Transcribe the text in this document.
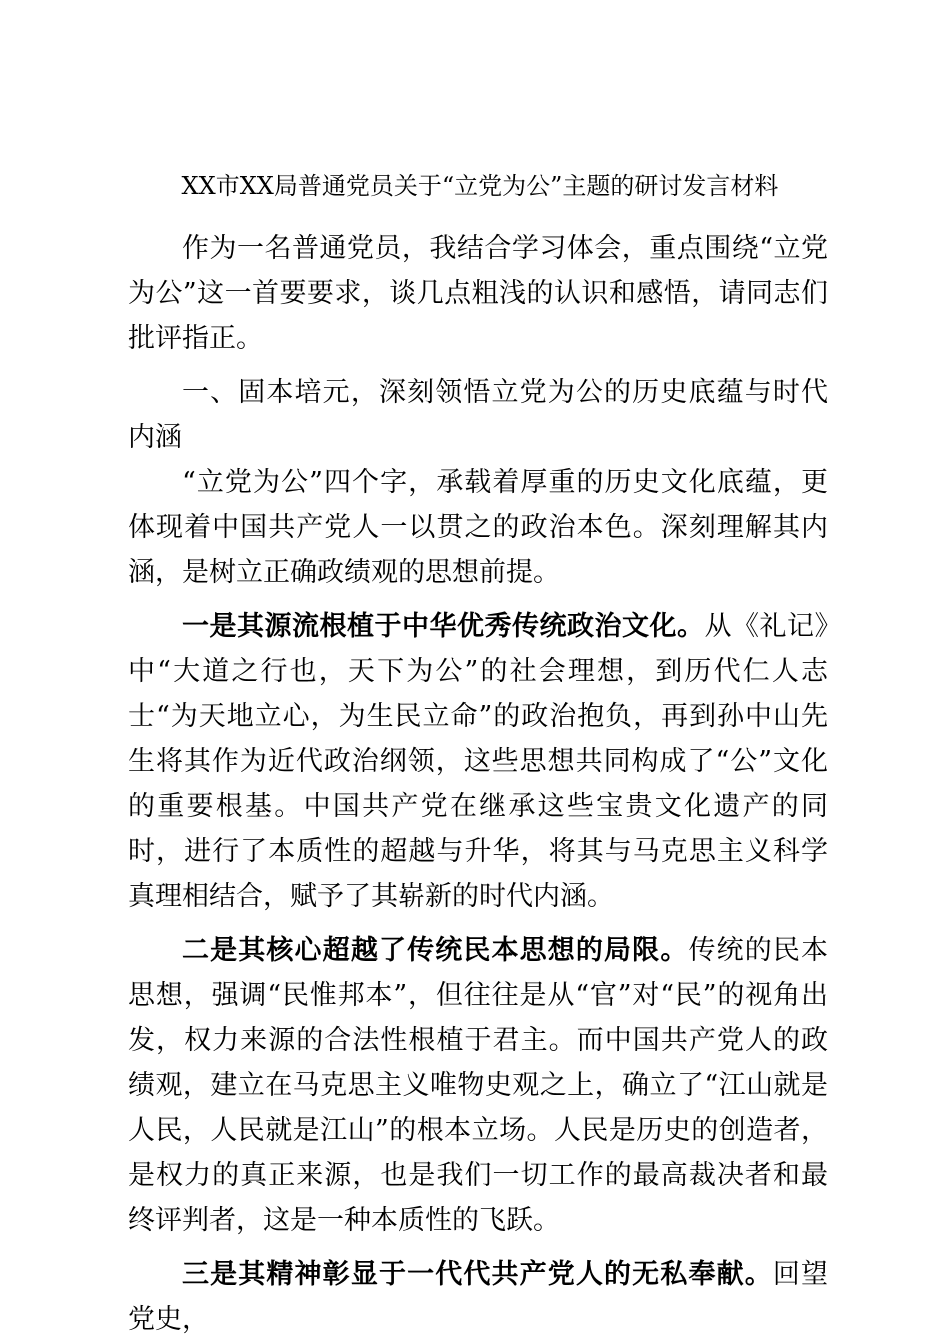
XX市XX局普通党员关于“立党为公”主题的研讨发言材料

作为一名普通党员，我结合学习体会，重点围绕“立党为公”这一首要要求，谈几点粗浅的认识和感悟，请同志们批评指正。

一、固本培元，深刻领悟立党为公的历史底蕴与时代内涵

“立党为公”四个字，承载着厚重的历史文化底蕴，更体现着中国共产党人一以贯之的政治本色。深刻理解其内涵，是树立正确政绩观的思想前提。

一是其源流根植于中华优秀传统政治文化。从《礼记》中“大道之行也，天下为公”的社会理想，到历代仁人志士“为天地立心，为生民立命”的政治抱负，再到孙中山先生将其作为近代政治纲领，这些思想共同构成了“公”文化的重要根基。中国共产党在继承这些宝贵文化遗产的同时，进行了本质性的超越与升华，将其与马克思主义科学真理相结合，赋予了其崭新的时代内涵。

二是其核心超越了传统民本思想的局限。传统的民本思想，强调“民惟邦本”，但往往是从“官”对“民”的视角出发，权力来源的合法性根植于君主。而中国共产党人的政绩观，建立在马克思主义唯物史观之上，确立了“江山就是人民，人民就是江山”的根本立场。人民是历史的创造者，是权力的真正来源，也是我们一切工作的最高裁决者和最终评判者，这是一种本质性的飞跃。

三是其精神彰显于一代代共产党人的无私奉献。回望党史，
